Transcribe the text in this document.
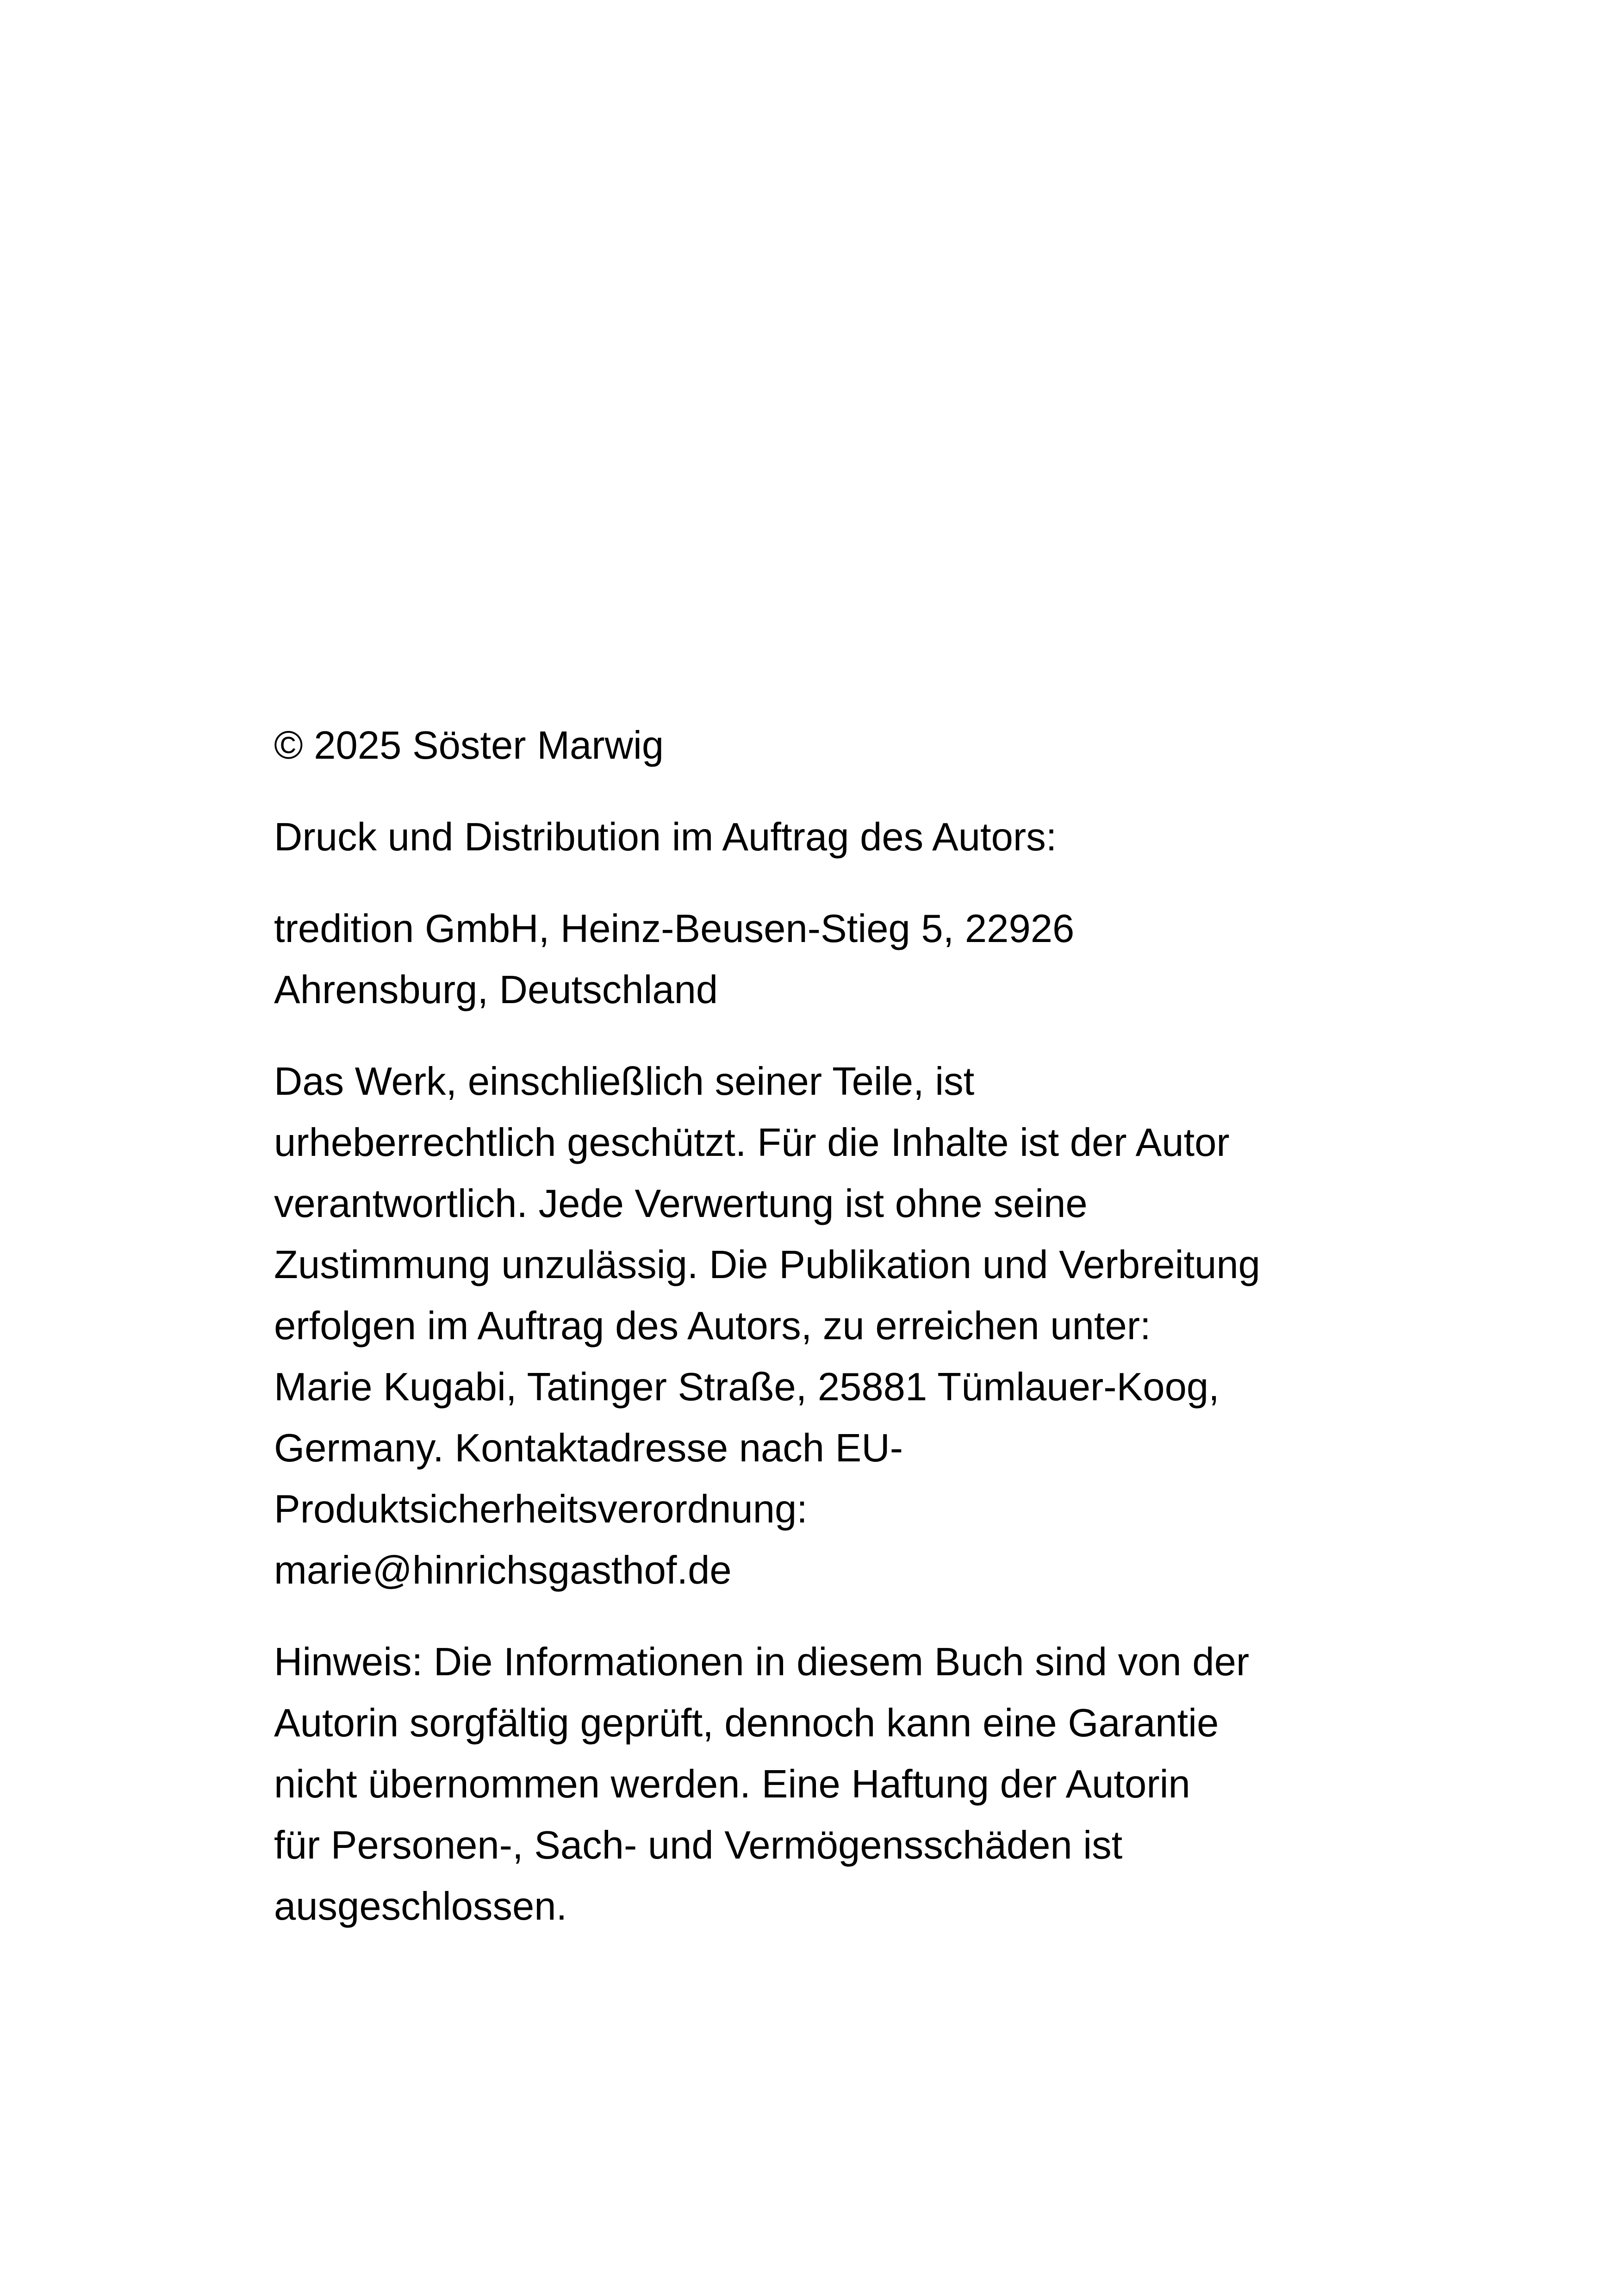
© 2025 Söster Marwig

Druck und Distribution im Auftrag des Autors:

tredition GmbH, Heinz-Beusen-Stieg 5, 22926
Ahrensburg, Deutschland

Das Werk, einschließlich seiner Teile, ist
urheberrechtlich geschützt. Für die Inhalte ist der Autor
verantwortlich. Jede Verwertung ist ohne seine
Zustimmung unzulässig. Die Publikation und Verbreitung
erfolgen im Auftrag des Autors, zu erreichen unter:
Marie Kugabi, Tatinger Straße, 25881 Tümlauer-Koog,
Germany. Kontaktadresse nach EU-
Produktsicherheitsverordnung:
marie@hinrichsgasthof.de

Hinweis: Die Informationen in diesem Buch sind von der
Autorin sorgfältig geprüft, dennoch kann eine Garantie
nicht übernommen werden. Eine Haftung der Autorin
für Personen-, Sach- und Vermögensschäden ist
ausgeschlossen.
